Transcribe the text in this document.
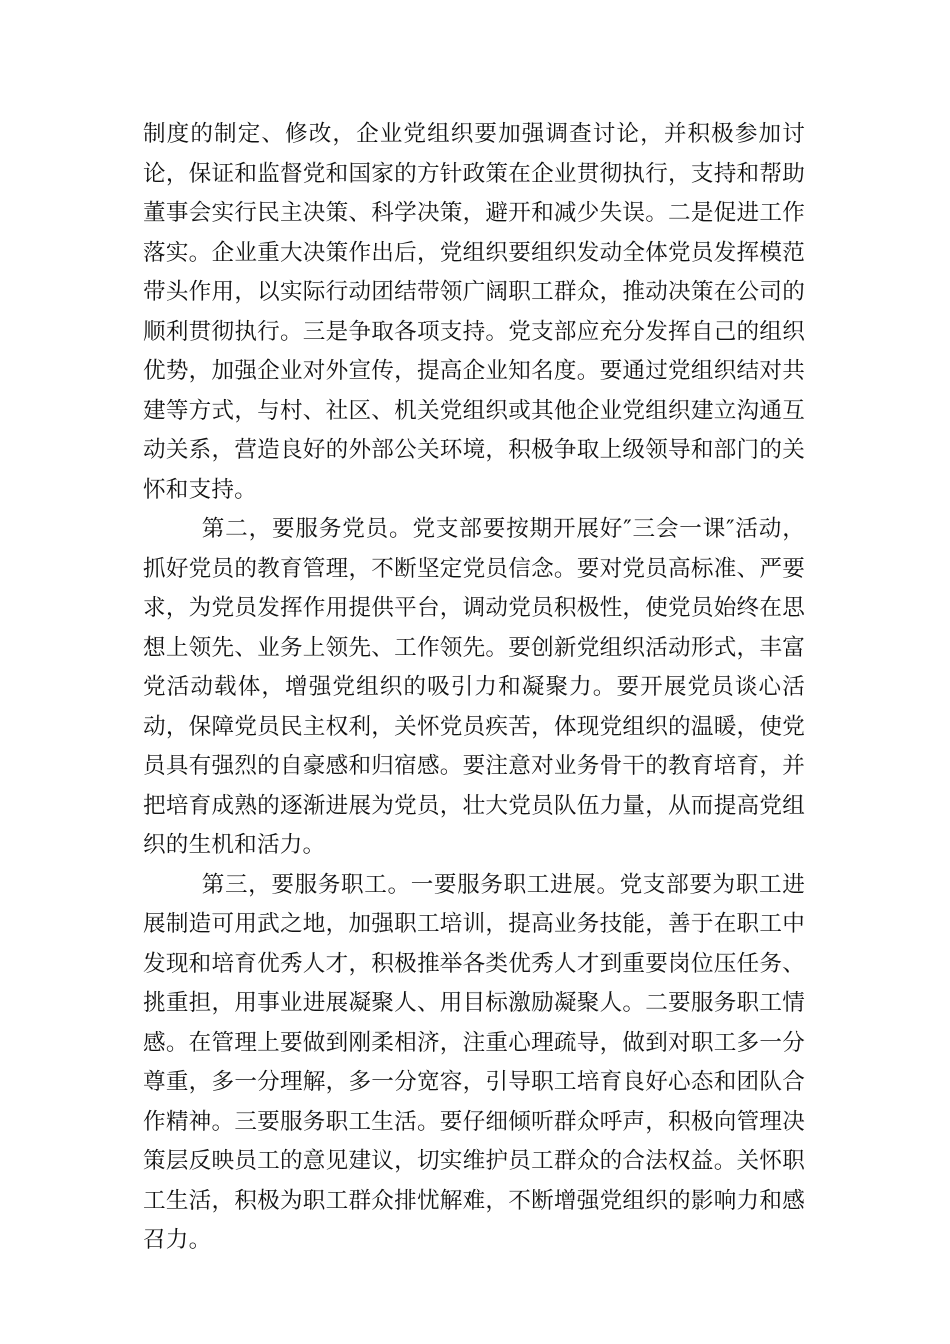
制度的制定、修改，企业党组织要加强调查讨论，并积极参加讨论，保证和监督党和国家的方针政策在企业贯彻执行，支持和帮助董事会实行民主决策、科学决策，避开和减少失误。二是促进工作落实。企业重大决策作出后，党组织要组织发动全体党员发挥模范带头作用，以实际行动团结带领广阔职工群众，推动决策在公司的顺利贯彻执行。三是争取各项支持。党支部应充分发挥自己的组织优势，加强企业对外宣传，提高企业知名度。要通过党组织结对共建等方式，与村、社区、机关党组织或其他企业党组织建立沟通互动关系，营造良好的外部公关环境，积极争取上级领导和部门的关怀和支持。

第二，要服务党员。党支部要按期开展好″三会一课″活动，抓好党员的教育管理，不断坚定党员信念。要对党员高标准、严要求，为党员发挥作用提供平台，调动党员积极性，使党员始终在思想上领先、业务上领先、工作领先。要创新党组织活动形式，丰富党活动载体，增强党组织的吸引力和凝聚力。要开展党员谈心活动，保障党员民主权利，关怀党员疾苦，体现党组织的温暖，使党员具有强烈的自豪感和归宿感。要注意对业务骨干的教育培育，并把培育成熟的逐渐进展为党员，壮大党员队伍力量，从而提高党组织的生机和活力。

第三，要服务职工。一要服务职工进展。党支部要为职工进展制造可用武之地，加强职工培训，提高业务技能，善于在职工中发现和培育优秀人才，积极推举各类优秀人才到重要岗位压任务、挑重担，用事业进展凝聚人、用目标激励凝聚人。二要服务职工情感。在管理上要做到刚柔相济，注重心理疏导，做到对职工多一分尊重，多一分理解，多一分宽容，引导职工培育良好心态和团队合作精神。三要服务职工生活。要仔细倾听群众呼声，积极向管理决策层反映员工的意见建议，切实维护员工群众的合法权益。关怀职工生活，积极为职工群众排忧解难，不断增强党组织的影响力和感召力。
